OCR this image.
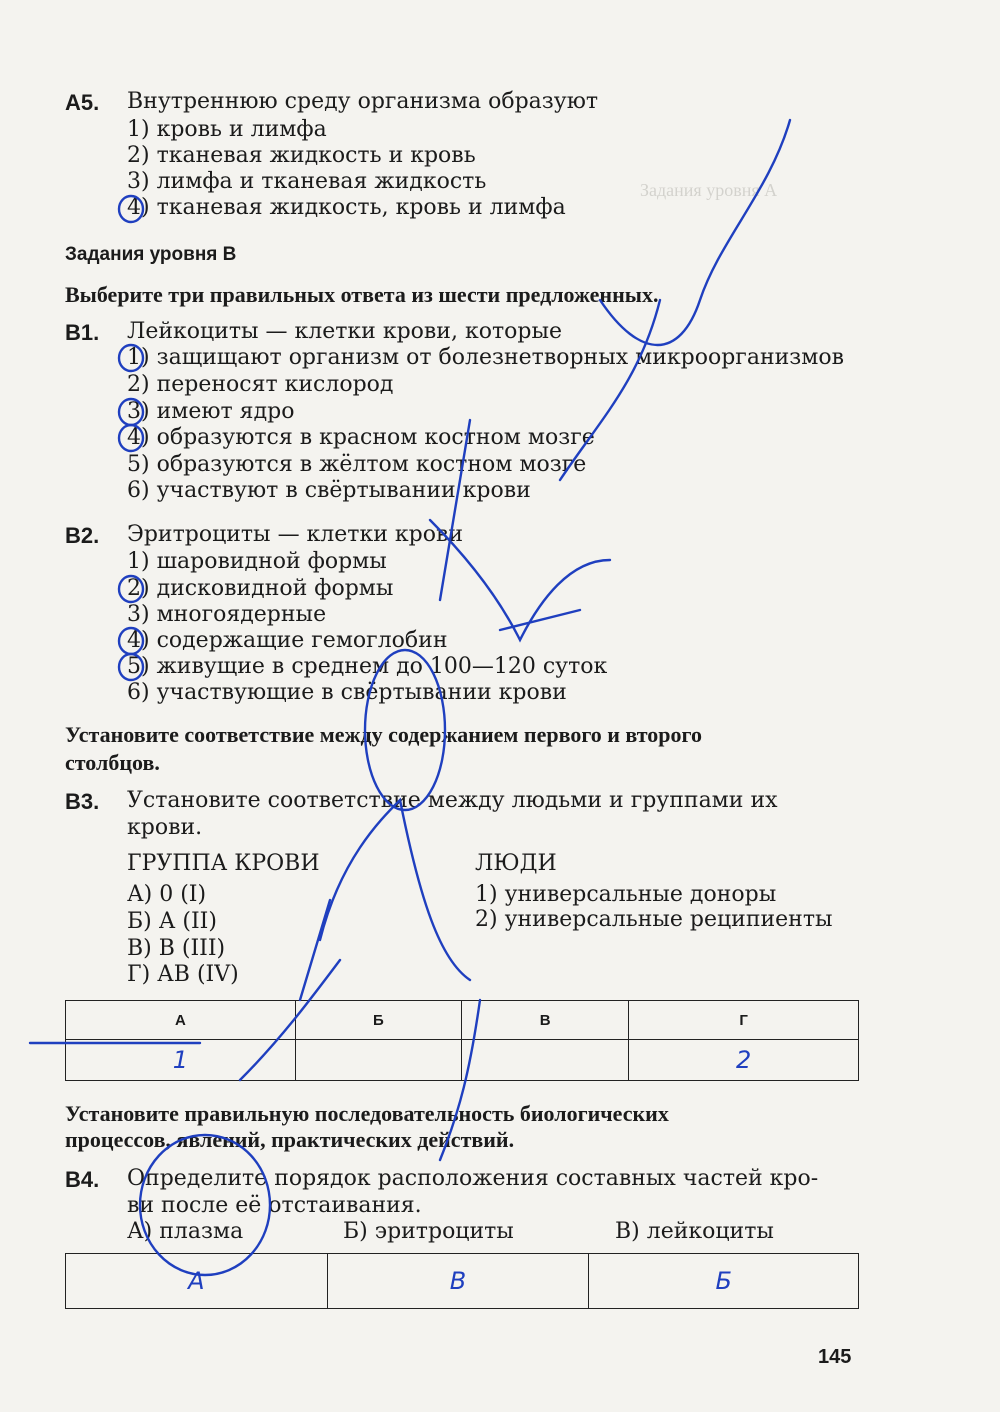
Задания уровня А
А5. Внутреннюю среду организма образуют
1) кровь и лимфа
2) тканевая жидкость и кровь
3) лимфа и тканевая жидкость
4) тканевая жидкость, кровь и лимфа
Задания уровня В
Выберите три правильных ответа из шести предложенных.
В1. Лейкоциты — клетки крови, которые
1) защищают организм от болезнетворных микроорганизмов
2) переносят кислород
3) имеют ядро
4) образуются в красном костном мозге
5) образуются в жёлтом костном мозге
6) участвуют в свёртывании крови
В2. Эритроциты — клетки крови
1) шаровидной формы
2) дисковидной формы
3) многоядерные
4) содержащие гемоглобин
5) живущие в среднем до 100—120 суток
6) участвующие в свёртывании крови
Установите соответствие между содержанием первого и второго
столбцов.
В3. Установите соответствие между людьми и группами их
крови.
ГРУППА КРОВИ	ЛЮДИ
А) 0 (I)
Б) А (II)
В) В (III)
Г) АВ (IV)
1) универсальные доноры
2) универсальные реципиенты
А	Б	В	Г
1			2
Установите правильную последовательность биологических
процессов, явлений, практических действий.
В4. Определите порядок расположения составных частей кро-
ви после её отстаивания.
А) плазма	Б) эритроциты	В) лейкоциты
А	В	Б
145
